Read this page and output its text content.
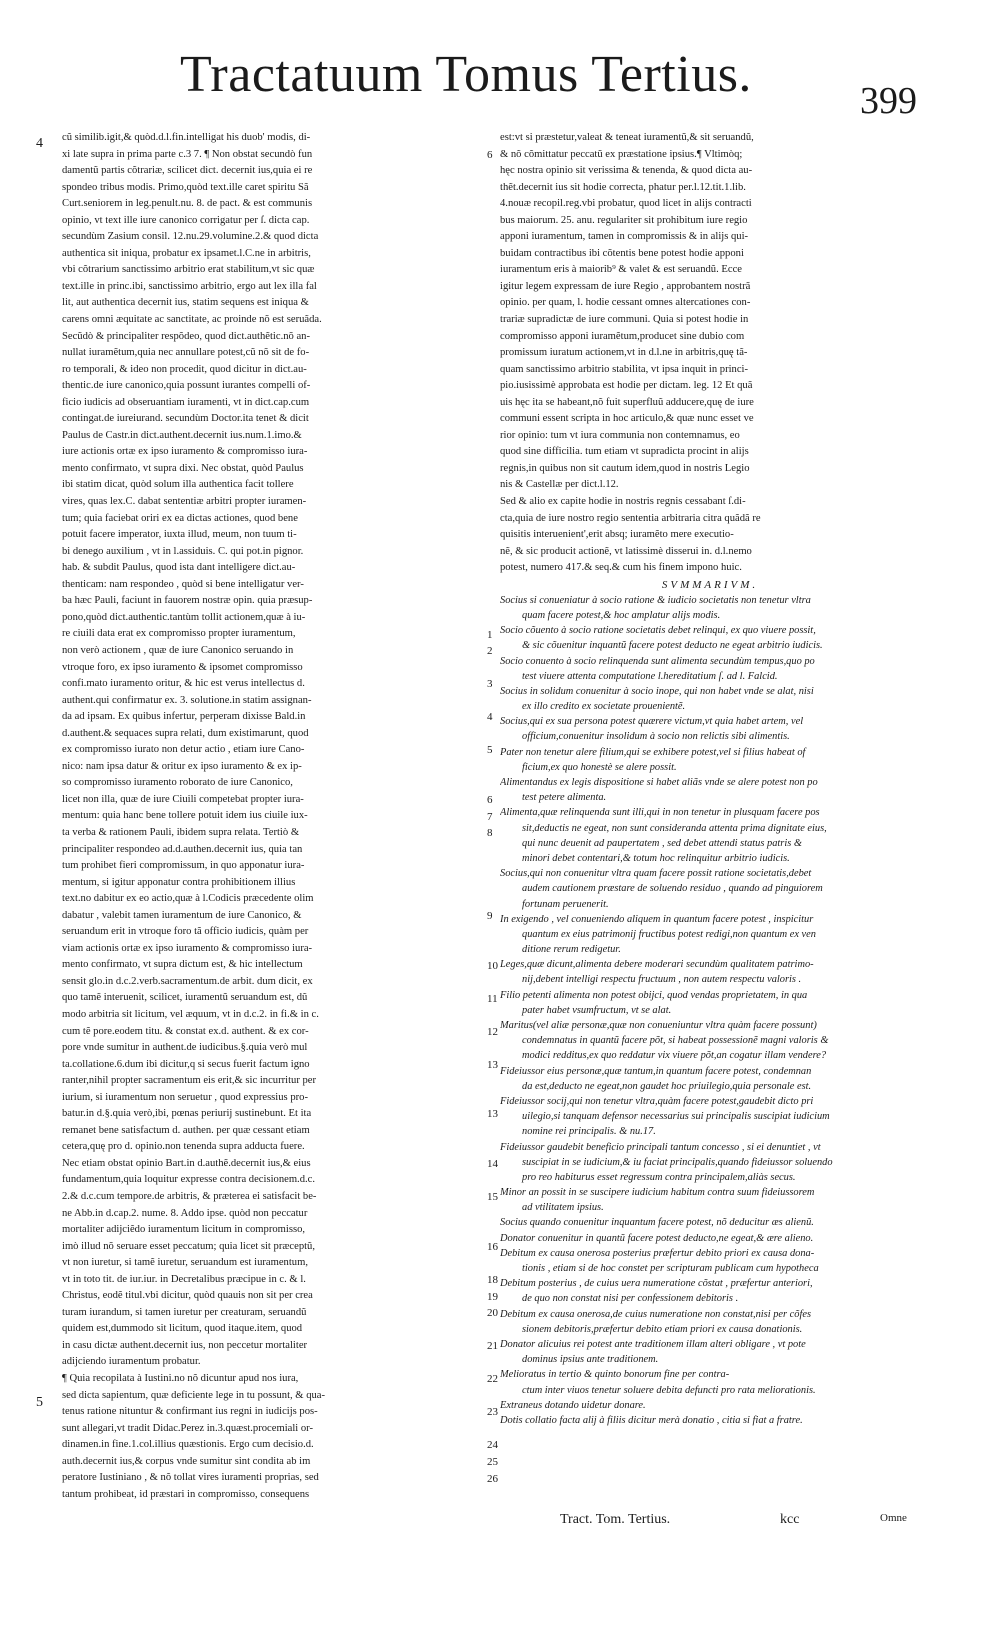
Tractatuum Tomus Tertius.	399
4
5
cũ similib.igit,& quòd.d.l.fin.intelligat his duob' modis, di-
xi late supra in prima parte c.3 7. ¶ Non obstat secundò fun
damentũ partis cõtrariæ, scilicet dict. decernit ius,quia ei re
spondeo tribus modis. Primo,quòd text.ille caret spiritu Sã
Curt.seniorem in leg.penult.nu. 8. de pact. & est communis
opinio, vt text ille iure canonico corrigatur per ſ. dicta cap.
secundùm Zasium consil. 12.nu.29.volumine.2.& quod dicta
authentica sit iniqua, probatur ex ipsamet.l.C.ne in arbitris,
vbi cõtrarium sanctissimo arbitrio erat stabilitum,vt sic quæ
text.ille in princ.ibi, sanctissimo arbitrio, ergo aut lex illa fal
lit, aut authentica decernit ius, statim sequens est iniqua &
carens omni æquitate ac sanctitate, ac proinde nõ est seruãda.
Secũdò & principaliter respõdeo, quod dict.authẽtic.nõ an-
nullat iuramẽtum,quia nec annullare potest,cũ nõ sit de fo-
ro temporali, & ideo non procedit, quod dicitur in dict.au-
thentic.de iure canonico,quia possunt iurantes compelli of-
ficio iudicis ad obseruantiam iuramenti, vt in dict.cap.cum
contingat.de iureiurand. secundùm Doctor.ita tenet & dicit
Paulus de Castr.in dict.authent.decernit ius.num.1.imo.&
iure actionis ortæ ex ipso iuramento & compromisso iura-
mento confirmato, vt supra dixi. Nec obstat, quòd Paulus
ibi statim dicat, quòd solum illa authentica facit tollere
vires, quas lex.C. dabat sententiæ arbitri propter iuramen-
tum; quia faciebat oriri ex ea dictas actiones, quod bene
potuit facere imperator, iuxta illud, meum, non tuum ti-
bi denego auxilium , vt in l.assiduis. C. qui pot.in pignor.
hab. & subdit Paulus, quod ista dant intelligere dict.au-
thenticam: nam respondeo , quòd si bene intelligatur ver-
ba hæc Pauli, faciunt in fauorem nostræ opin. quia præsup-
pono,quòd dict.authentic.tantùm tollit actionem,quæ à iu-
re ciuili data erat ex compromisso propter iuramentum,
non verò actionem , quæ de iure Canonico seruando in
vtroque foro, ex ipso iuramento & ipsomet compromisso
confi.mato iuramento oritur, & hic est verus intellectus d.
authent.qui confirmatur ex. 3. solutione.in statim assignan-
da ad ipsam. Ex quibus infertur, perperam dixisse Bald.in
d.authent.& sequaces supra relati, dum existimarunt, quod
ex compromisso iurato non detur actio , etiam iure Cano-
nico: nam ipsa datur & oritur ex ipso iuramento & ex ip-
so compromisso iuramento roborato de iure Canonico,
licet non illa, quæ de iure Ciuili competebat propter iura-
mentum: quia hanc bene tollere potuit idem ius ciuile iux-
ta verba & rationem Pauli, ibidem supra relata. Tertiò &
principaliter respondeo ad.d.authen.decernit ius, quia tan
tum prohibet fieri compromissum, in quo apponatur iura-
mentum, si igitur apponatur contra prohibitionem illius
text.no dabitur ex eo actio,quæ à l.Codicis præcedente olim
dabatur , valebit tamen iuramentum de iure Canonico, &
seruandum erit in vtroque foro tã officio iudicis, quàm per
viam actionis ortæ ex ipso iuramento & compromisso iura-
mento confirmato, vt supra dictum est, & hic intellectum
sensit glo.in d.c.2.verb.sacramentum.de arbit. dum dicit, ex
quo tamẽ interuenit, scilicet, iuramentũ seruandum est, dũ
modo arbitria sit licitum, vel æquum, vt in d.c.2. in fi.& in c.
cum tẽ pore.eodem titu. & constat ex.d. authent. & ex cor-
pore vnde sumitur in authent.de iudicibus.§.quia verò mul
ta.collatione.6.dum ibi dicitur,q si secus fuerit factum igno
ranter,nihil propter sacramentum eis erit,& sic incurritur per
iurium, si iuramentum non seruetur , quod expressius pro-
batur.in d.§.quia verò,ibi, pœnas periurij sustinebunt. Et ita
remanet bene satisfactum d. authen. per quæ cessant etiam
cetera,quę pro d. opinio.non tenenda supra adducta fuere.
Nec etiam obstat opinio Bart.in d.authẽ.decernit ius,& eius
fundamentum,quia loquitur expresse contra decisionem.d.c.
2.& d.c.cum tempore.de arbitris, & præterea ei satisfacit be-
ne Abb.in d.cap.2. nume. 8. Addo ipse. quòd non peccatur
mortaliter adijciẽdo iuramentum licitum in compromisso,
imò illud nõ seruare esset peccatum; quia licet sit præceptũ,
vt non iuretur, si tamẽ iuretur, seruandum est iuramentum,
vt in toto tit. de iur.iur. in Decretalibus præcipue in c. & l.
Christus, eodẽ titul.vbi dicitur, quòd quauis non sit per crea
turam iurandum, si tamen iuretur per creaturam, seruandũ
quidem est,dummodo sit licitum, quod itaque.item, quod
in casu dictæ authent.decernit ius, non peccetur mortaliter
adijciendo iuramentum probatur.
¶ Quia recopilata à Iustini.no nõ dicuntur apud nos iura,
sed dicta sapientum, quæ deficiente lege in tu possunt, & qua-
tenus ratione nituntur & confirmant ius regni in iudicijs pos-
sunt allegari,vt tradit Didac.Perez in.3.quæst.procemiali or-
dinamen.in fine.1.col.illius quæstionis. Ergo cum decisio.d.
auth.decernit ius,& corpus vnde sumitur sint condita ab im
peratore Iustiniano , & nõ tollat vires iuramenti proprias, sed
tantum prohibeat, id præstari in compromisso, consequens
6
1
2
3
4
5
6
7
8
9
10
11
12
13
13
14
15
16
18
19
20
21
22
23
24
25
26
est:vt si præstetur,valeat & teneat iuramentũ,& sit seruandũ,
& nõ cõmittatur peccatũ ex præstatione ipsius.¶ Vltimòq;
hęc nostra opinio sit verissima & tenenda, & quod dicta au-
thẽt.decernit ius sit hodie correcta, phatur per.l.12.tit.1.lib.
4.nouæ recopil.reg.vbi probatur, quod licet in alijs contracti
bus maiorum. 25. anu. regulariter sit prohibitum iure regio
apponi iuramentum, tamen in compromissis & in alijs qui-
buidam contractibus ibi cõtentis bene potest hodie apponi
iuramentum eris à maiorib⁹ & valet & est seruandũ. Ecce
igitur legem expressam de iure Regio , approbantem nostrã
opinio. per quam, l. hodie cessant omnes altercationes con-
trariæ supradictæ de iure communi. Quia si potest hodie in
compromisso apponi iuramẽtum,producet sine dubio com
promissum iuratum actionem,vt in d.l.ne in arbitris,quę tã-
quam sanctissimo arbitrio stabilita, vt ipsa inquit in princi-
pio.iusissimè approbata est hodie per dictam. leg. 12 Et quã
uis hęc ita se habeant,nõ fuit superfluũ adducere,quę de iure
communi essent scripta in hoc articulo,& quæ nunc esset ve
rior opinio: tum vt iura communia non contemnamus, eo
quod sine difficilia. tum etiam vt supradicta procint in alijs
regnis,in quibus non sit cautum idem,quod in nostris Legio
nis & Castellæ per dict.l.12.
Sed & alio ex capite hodie in nostris regnis cessabant ſ.di-
cta,quia de iure nostro regio sententia arbitraria citra quãdã re
quisitis interuenient',erit absq; iuramẽto mere executio-
nẽ, & sic producit actionẽ, vt latissimè disserui in. d.l.nemo
potest, numero 417.& seq.& cum his finem impono huic.
SVMMARIVM.
Socius si conueniatur à socio ratione & iudicio societatis non tenetur vltra
quam facere potest,& hoc amplatur alijs modis.
Socio cõuento à socio ratione societatis debet relinqui, ex quo viuere possit,
& sic cõuenitur inquantũ facere potest deducto ne egeat arbitrio iudicis.
Socio conuento à socio relinquenda sunt alimenta secundùm tempus,quo po
test viuere attenta computatione l.hereditatium ſ. ad l. Falcid.
Socius in solidum conuenitur à socio inope, qui non habet vnde se alat, nisi
ex illo credito ex societate prouenientẽ.
Socius,qui ex sua persona potest quærere victum,vt quia habet artem, vel
officium,conuenitur insolidum à socio non relictis sibi alimentis.
Pater non tenetur alere filium,qui se exhibere potest,vel si filius habeat of
ficium,ex quo honestè se alere possit.
Alimentandus ex legis dispositione si habet aliãs vnde se alere potest non po
test petere alimenta.
Alimenta,quæ relinquenda sunt illi,qui in non tenetur in plusquam facere pos
sit,deductis ne egeat, non sunt consideranda attenta prima dignitate eius,
qui nunc deuenit ad paupertatem , sed debet attendi status patris &
minori debet contentari,& totum hoc relinquitur arbitrio iudicis.
Socius,qui non conuenitur vltra quam facere possit ratione societatis,debet
audem cautionem præstare de soluendo residuo , quando ad pinguiorem
fortunam peruenerit.
In exigendo , vel conueniendo aliquem in quantum facere potest , inspicitur
quantum ex eius patrimonij fructibus potest redigi,non quantum ex ven
ditione rerum redigetur.
Leges,quæ dicunt,alimenta debere moderari secundùm qualitatem patrimo-
nij,debent intelligi respectu fructuum , non autem respectu valoris .
Filio petenti alimenta non potest obijci, quod vendas proprietatem, in qua
pater habet vsumfructum, vt se alat.
Maritus(vel aliæ personæ,quæ non conueniuntur vltra quàm facere possunt)
condemnatus in quantũ facere põt, si habeat possessionẽ magni valoris &
modici redditus,ex quo reddatur vix viuere põt,an cogatur illam vendere?
Fideiussor eius personæ,quæ tantum,in quantum facere potest, condemnan
da est,deducto ne egeat,non gaudet hoc priuilegio,quia personale est.
Fideiussor socij,qui non tenetur vltra,quàm facere potest,gaudebit dicto pri
uilegio,si tanquam defensor necessarius sui principalis suscipiat iudicium
nomine rei principalis. & nu.17.
Fideiussor gaudebit beneficio principali tantum concesso , si ei denuntiet , vt
suscipiat in se iudicium,& iu faciat principalis,quando fideiussor soluendo
pro reo habiturus esset regressum contra principalem,aliàs secus.
Minor an possit in se suscipere iudicium habitum contra suum fideiussorem
ad vtilitatem ipsius.
Socius quando conuenitur inquantum facere potest, nõ deducitur æs alienũ.
Donator conuenitur in quantũ facere potest deducto,ne egeat,& ære alieno.
Debitum ex causa onerosa posterius præfertur debito priori ex causa dona-
tionis , etiam si de hoc constet per scripturam publicam cum hypotheca
Debitum posterius , de cuius uera numeratione cõstat , præfertur anteriori,
de quo non constat nisi per confessionem debitoris .
Debitum ex causa onerosa,de cuius numeratione non constat,nisi per cõfes
sionem debitoris,præfertur debito etiam priori ex causa donationis.
Donator alicuius rei potest ante traditionem illam alteri obligare , vt pote
dominus ipsius ante traditionem.
Melioratus in tertio & quinto bonorum fine per contra-
ctum inter viuos tenetur soluere debita defuncti pro rata meliorationis.
Extraneus dotando uidetur donare.
Dotis collatio facta alij à filiis dicitur merà donatio , citia si fiat a fratre.
Tract. Tom. Tertius.	kcc	Omne
